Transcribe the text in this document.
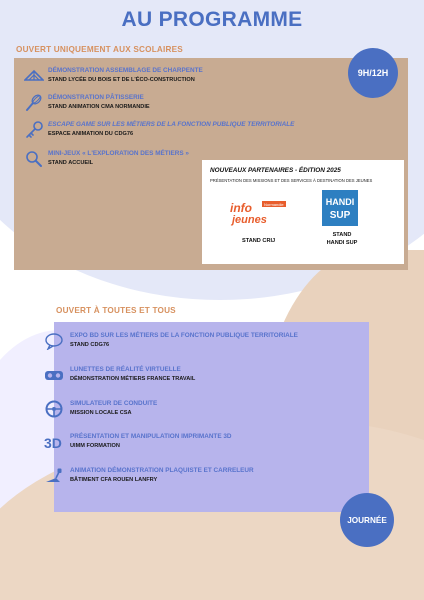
AU PROGRAMME
OUVERT UNIQUEMENT AUX SCOLAIRES
DÉMONSTRATION ASSEMBLAGE DE CHARPENTE
STAND LYCÉE DU BOIS ET DE L'ÉCO-CONSTRUCTION
DÉMONSTRATION PÂTISSERIE
STAND ANIMATION CMA NORMANDIE
ESCAPE GAME SUR LES MÉTIERS DE LA FONCTION PUBLIQUE TERRITORIALE
ESPACE ANIMATION DU CDG76
MINI-JEUX « L'EXPLORATION DES MÉTIERS »
STAND ACCUEIL
9H/12H
NOUVEAUX PARTENAIRES - ÉDITION 2025
PRÉSENTATION DES MISSIONS ET DES SERVICES À DESTINATION DES JEUNES
info
jeunes
Normandie	HANDI
SUP
STAND CRIJ
STAND
HANDI SUP
OUVERT À TOUTES ET TOUS
EXPO BD SUR LES MÉTIERS DE LA FONCTION PUBLIQUE TERRITORIALE
STAND CDG76
LUNETTES DE RÉALITÉ VIRTUELLE
DÉMONSTRATION MÉTIERS FRANCE TRAVAIL
SIMULATEUR DE CONDUITE
MISSION LOCALE CSA
3D PRÉSENTATION ET MANIPULATION IMPRIMANTE 3D
UIMM FORMATION
ANIMATION DÉMONSTRATION PLAQUISTE ET CARRELEUR
BÂTIMENT CFA ROUEN LANFRY
JOURNÉE
